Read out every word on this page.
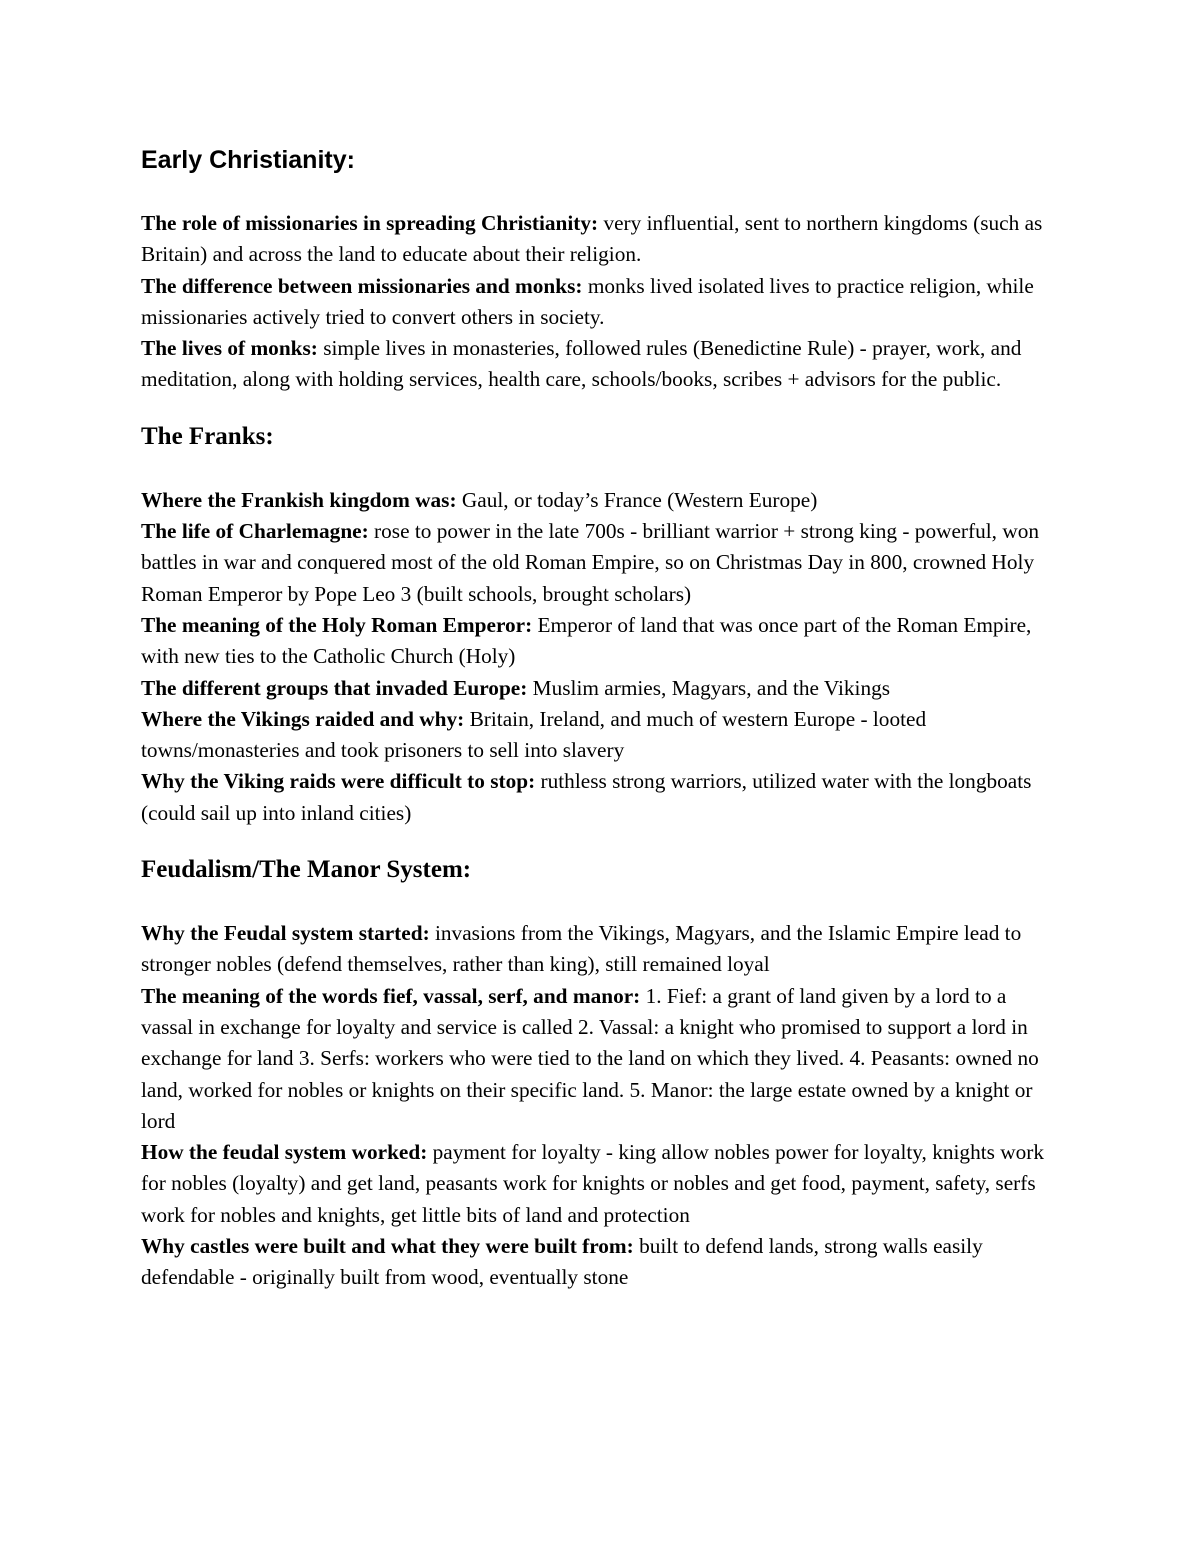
Early Christianity:

The role of missionaries in spreading Christianity: very influential, sent to northern kingdoms (such as Britain) and across the land to educate about their religion.

The difference between missionaries and monks: monks lived isolated lives to practice religion, while missionaries actively tried to convert others in society.

The lives of monks: simple lives in monasteries, followed rules (Benedictine Rule) - prayer, work, and meditation, along with holding services, health care, schools/books, scribes + advisors for the public.

The Franks:

Where the Frankish kingdom was: Gaul, or today’s France (Western Europe)

The life of Charlemagne: rose to power in the late 700s - brilliant warrior + strong king - powerful, won battles in war and conquered most of the old Roman Empire, so on Christmas Day in 800, crowned Holy Roman Emperor by Pope Leo 3 (built schools, brought scholars)

The meaning of the Holy Roman Emperor: Emperor of land that was once part of the Roman Empire, with new ties to the Catholic Church (Holy)

The different groups that invaded Europe: Muslim armies, Magyars, and the Vikings

Where the Vikings raided and why: Britain, Ireland, and much of western Europe - looted towns/monasteries and took prisoners to sell into slavery

Why the Viking raids were difficult to stop: ruthless strong warriors, utilized water with the longboats (could sail up into inland cities)

Feudalism/The Manor System:

Why the Feudal system started: invasions from the Vikings, Magyars, and the Islamic Empire lead to stronger nobles (defend themselves, rather than king), still remained loyal

The meaning of the words fief, vassal, serf, and manor: 1. Fief: a grant of land given by a lord to a vassal in exchange for loyalty and service is called 2. Vassal: a knight who promised to support a lord in exchange for land 3. Serfs: workers who were tied to the land on which they lived. 4. Peasants: owned no land, worked for nobles or knights on their specific land. 5. Manor: the large estate owned by a knight or lord

How the feudal system worked: payment for loyalty - king allow nobles power for loyalty, knights work for nobles (loyalty) and get land, peasants work for knights or nobles and get food, payment, safety, serfs work for nobles and knights, get little bits of land and protection

Why castles were built and what they were built from: built to defend lands, strong walls easily defendable - originally built from wood, eventually stone
